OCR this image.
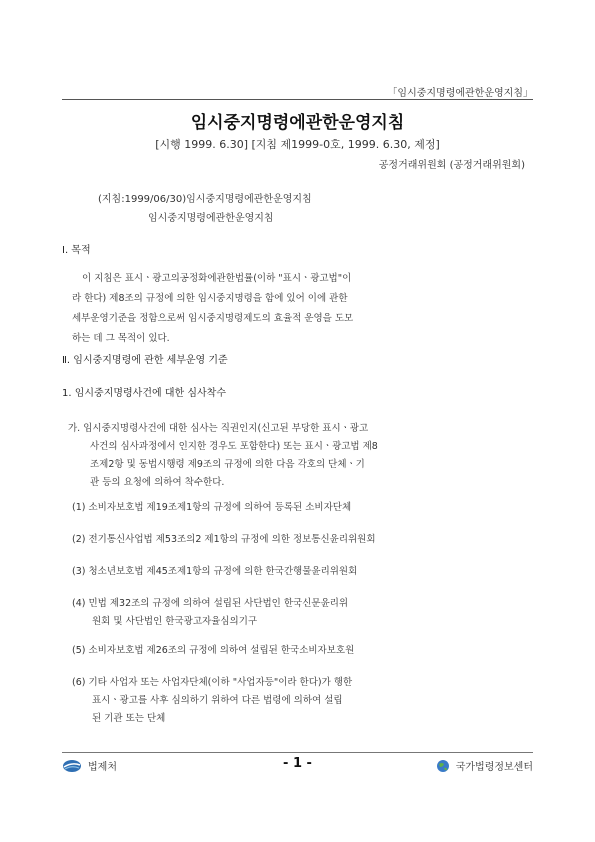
「임시중지명령에관한운영지침」
임시중지명령에관한운영지침
[시행 1999. 6.30] [지침 제1999-0호, 1999. 6.30, 제정]
공정거래위원회 (공정거래위원회)
(지침:1999/06/30)임시중지명령에관한운영지침
임시중지명령에관한운영지침
Ⅰ. 목적
이 지침은 표시ㆍ광고의공정화에관한법률(이하 "표시ㆍ광고법"이
라 한다) 제8조의 규정에 의한 임시중지명령을 함에 있어 이에 관한
세부운영기준을 정함으로써 임시중지명령제도의 효율적 운영을 도모
하는 데 그 목적이 있다.
Ⅱ. 임시중지명령에 관한 세부운영 기준
1. 임시중지명령사건에 대한 심사착수
가. 임시중지명령사건에 대한 심사는 직권인지(신고된 부당한 표시ㆍ광고
사건의 심사과정에서 인지한 경우도 포함한다) 또는 표시ㆍ광고법 제8
조제2항 및 동법시행령 제9조의 규정에 의한 다음 각호의 단체ㆍ기
관 등의 요청에 의하여 착수한다.
(1) 소비자보호법 제19조제1항의 규정에 의하여 등록된 소비자단체
(2) 전기통신사업법 제53조의2 제1항의 규정에 의한 정보통신윤리위원회
(3) 청소년보호법 제45조제1항의 규정에 의한 한국간행물윤리위원회
(4) 민법 제32조의 규정에 의하여 설립된 사단법인 한국신문윤리위
원회 및 사단법인 한국광고자율심의기구
(5) 소비자보호법 제26조의 규정에 의하여 설립된 한국소비자보호원
(6) 기타 사업자 또는 사업자단체(이하 "사업자등"이라 한다)가 행한
표시ㆍ광고를 사후 심의하기 위하여 다른 법령에 의하여 설립
된 기관 또는 단체
법제처	- 1 -	국가법령정보센터
